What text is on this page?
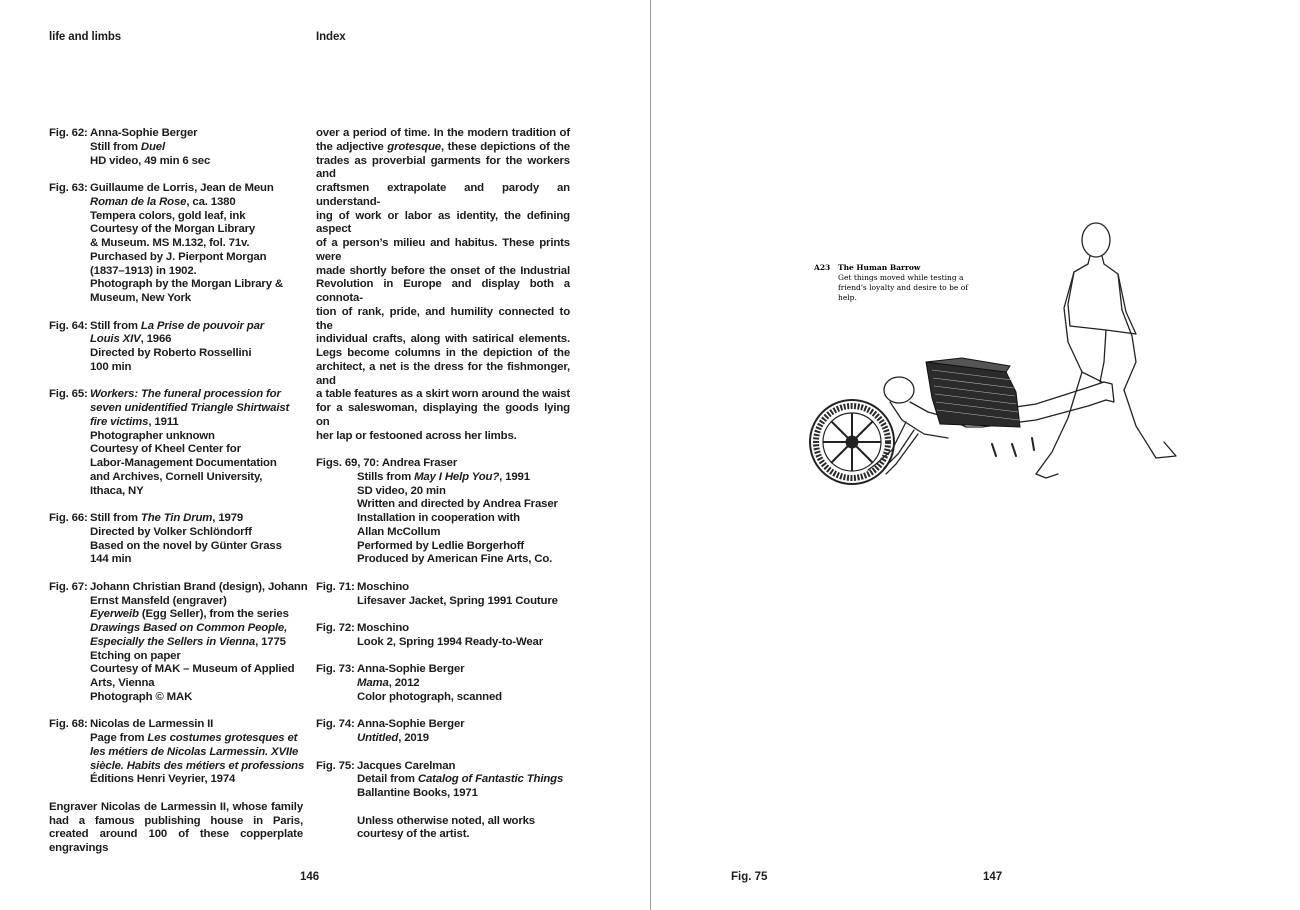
life and limbs	Index
Fig. 62: Anna-Sophie Berger
Still from Duel
HD video, 49 min 6 sec
Fig. 63: Guillaume de Lorris, Jean de Meun
Roman de la Rose, ca. 1380
Tempera colors, gold leaf, ink
Courtesy of the Morgan Library
& Museum. MS M.132, fol. 71v.
Purchased by J. Pierpont Morgan
(1837–1913) in 1902.
Photograph by the Morgan Library &
Museum, New York
Fig. 64: Still from La Prise de pouvoir par
Louis XIV, 1966
Directed by Roberto Rossellini
100 min
Fig. 65: Workers: The funeral procession for
seven unidentified Triangle Shirtwaist
fire victims, 1911
Photographer unknown
Courtesy of Kheel Center for
Labor-Management Documentation
and Archives, Cornell University,
Ithaca, NY
Fig. 66: Still from The Tin Drum, 1979
Directed by Volker Schlöndorff
Based on the novel by Günter Grass
144 min
Fig. 67: Johann Christian Brand (design), Johann
Ernst Mansfeld (engraver)
Eyerweib (Egg Seller), from the series
Drawings Based on Common People,
Especially the Sellers in Vienna, 1775
Etching on paper
Courtesy of MAK – Museum of Applied
Arts, Vienna
Photograph © MAK
Fig. 68: Nicolas de Larmessin II
Page from Les costumes grotesques et
les métiers de Nicolas Larmessin. XVIIe
siècle. Habits des métiers et professions
Éditions Henri Veyrier, 1974
Engraver Nicolas de Larmessin II, whose family had a famous publishing house in Paris, created around 100 of these copperplate engravings
over a period of time. In the modern tradition of
the adjective grotesque, these depictions of the
trades as proverbial garments for the workers and
craftsmen extrapolate and parody an understand-
ing of work or labor as identity, the defining aspect
of a person’s milieu and habitus. These prints were
made shortly before the onset of the Industrial
Revolution in Europe and display both a connota-
tion of rank, pride, and humility connected to the
individual crafts, along with satirical elements.
Legs become columns in the depiction of the
architect, a net is the dress for the fishmonger, and
a table features as a skirt worn around the waist
for a saleswoman, displaying the goods lying on
her lap or festooned across her limbs.
Figs. 69, 70: Andrea Fraser
Stills from May I Help You?, 1991
SD video, 20 min
Written and directed by Andrea Fraser
Installation in cooperation with
Allan McCollum
Performed by Ledlie Borgerhoff
Produced by American Fine Arts, Co.
Fig. 71: Moschino
Lifesaver Jacket, Spring 1991 Couture
Fig. 72: Moschino
Look 2, Spring 1994 Ready-to-Wear
Fig. 73: Anna-Sophie Berger
Mama, 2012
Color photograph, scanned
Fig. 74: Anna-Sophie Berger
Untitled, 2019
Fig. 75: Jacques Carelman
Detail from Catalog of Fantastic Things
Ballantine Books, 1971
Unless otherwise noted, all works
courtesy of the artist.
146
A23 The Human Barrow
Get things moved while testing a
friend's loyalty and desire to be of
help.
Fig. 75	147
